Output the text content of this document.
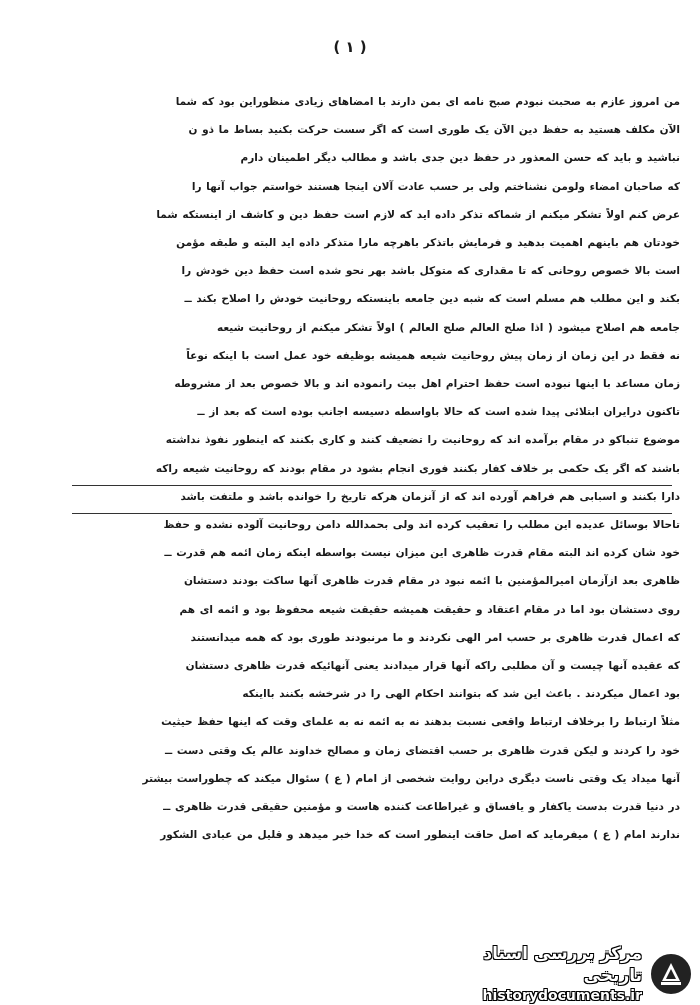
( ۱ )
من امروز عازم به صحبت نبودم صبح نامه ای بمن دارند با امضاهای زیادی منظوراین بود که شما
الآن مکلف هستید به حفظ دین الآن یک طوری است که اگر سست حرکت بکنید بساط ما ذو ن
نباشید و باید که حسن المعذور در حفظ دین جدی باشد و مطالب دیگر اطمینان دارم
که صاحبان امضاء ولومن نشناختم ولی بر حسب عادت آلان اینجا هستند خواستم جواب آنها را
عرض کنم اولاً تشکر میکنم از شماکه تذکر داده اید که لازم است حفظ دین و کاشف از اینستکه شما
خودتان هم باینهم اهمیت بدهید و فرمایش باتذکر باهرچه مارا متذکر داده اید البته و طبقه مؤمن
است بالا خصوص روحانی که تا مقداری که متوکل باشد بهر نحو شده است حفظ دین خودش را
بکند و این مطلب هم مسلم است که شبه دین جامعه باینستکه روحانیت خودش را اصلاح بکند ــ
جامعه هم اصلاح میشود ( اذا صلح العالم صلح العالم ) اولاً تشکر میکنم از روحانیت شیعه
نه فقط در این زمان از زمان پیش روحانیت شیعه همیشه بوظیفه خود عمل است با اینکه نوعاً
زمان مساعد با اینها نبوده است حفظ احترام اهل بیت رانموده اند و بالا خصوص بعد از مشروطه
تاکنون درایران ابتلائی پیدا شده است که حالا باواسطه دسیسه اجانب بوده است که بعد از ــ
موضوع تنباکو در مقام برآمده اند که روحانیت را تضعیف کنند و کاری بکنند که اینطور نفوذ نداشته
باشند که اگر یک حکمی بر خلاف کفار بکنند فوری انجام بشود در مقام بودند که روحانیت شیعه راکه
دارا بکنند و اسبابی هم فراهم آورده اند که از آنزمان هرکه تاریخ را خوانده باشد و ملتفت باشد
تاحالا بوسائل عدیده این مطلب را تعقیب کرده اند ولی بحمدالله دامن روحانیت آلوده نشده و حفظ
خود شان کرده اند البته مقام قدرت ظاهری این میزان نیست بواسطه اینکه زمان ائمه هم قدرت ــ
ظاهری بعد ازآزمان امیرالمؤمنین با ائمه نبود در مقام قدرت ظاهری آنها ساکت بودند دستشان
روی دستشان بود اما در مقام اعتقاد و حقیقت همیشه حقیقت شیعه محفوظ بود و ائمه ای هم
که اعمال قدرت ظاهری بر حسب امر الهی نکردند و ما مرنبودند طوری بود که همه میدانستند
که عقیده آنها چیست و آن مطلبی راکه آنها قرار میدادند یعنی آنهائیکه قدرت ظاهری دستشان
بود اعمال میکردند . باعث این شد که بتوانند احکام الهی را در شرخشه بکنند بااینکه
مثلاً ارتباط را برخلاف ارتباط واقعی نسبت بدهند نه به ائمه نه به علمای وقت که اینها حفظ حیثیت
خود را کردند و لیکن قدرت ظاهری بر حسب اقتضای زمان و مصالح خداوند عالم یک وقتی دست ــ
آنها میداد یک وقتی ناست دیگری دراین روایت شخصی از امام ( ع ) سئوال میکند که چطوراست بیشتر
در دنیا قدرت بدست یاکفار و یافساق و غیراطاعت کننده هاست و مؤمنین حقیقی قدرت ظاهری ــ
ندارند امام ( ع ) میفرماید که اصل حاقت اینطور است که خدا خبر میدهد و قلیل من عبادی الشکور
مرکز بررسی اسناد تاریخی
historydocuments.ir
